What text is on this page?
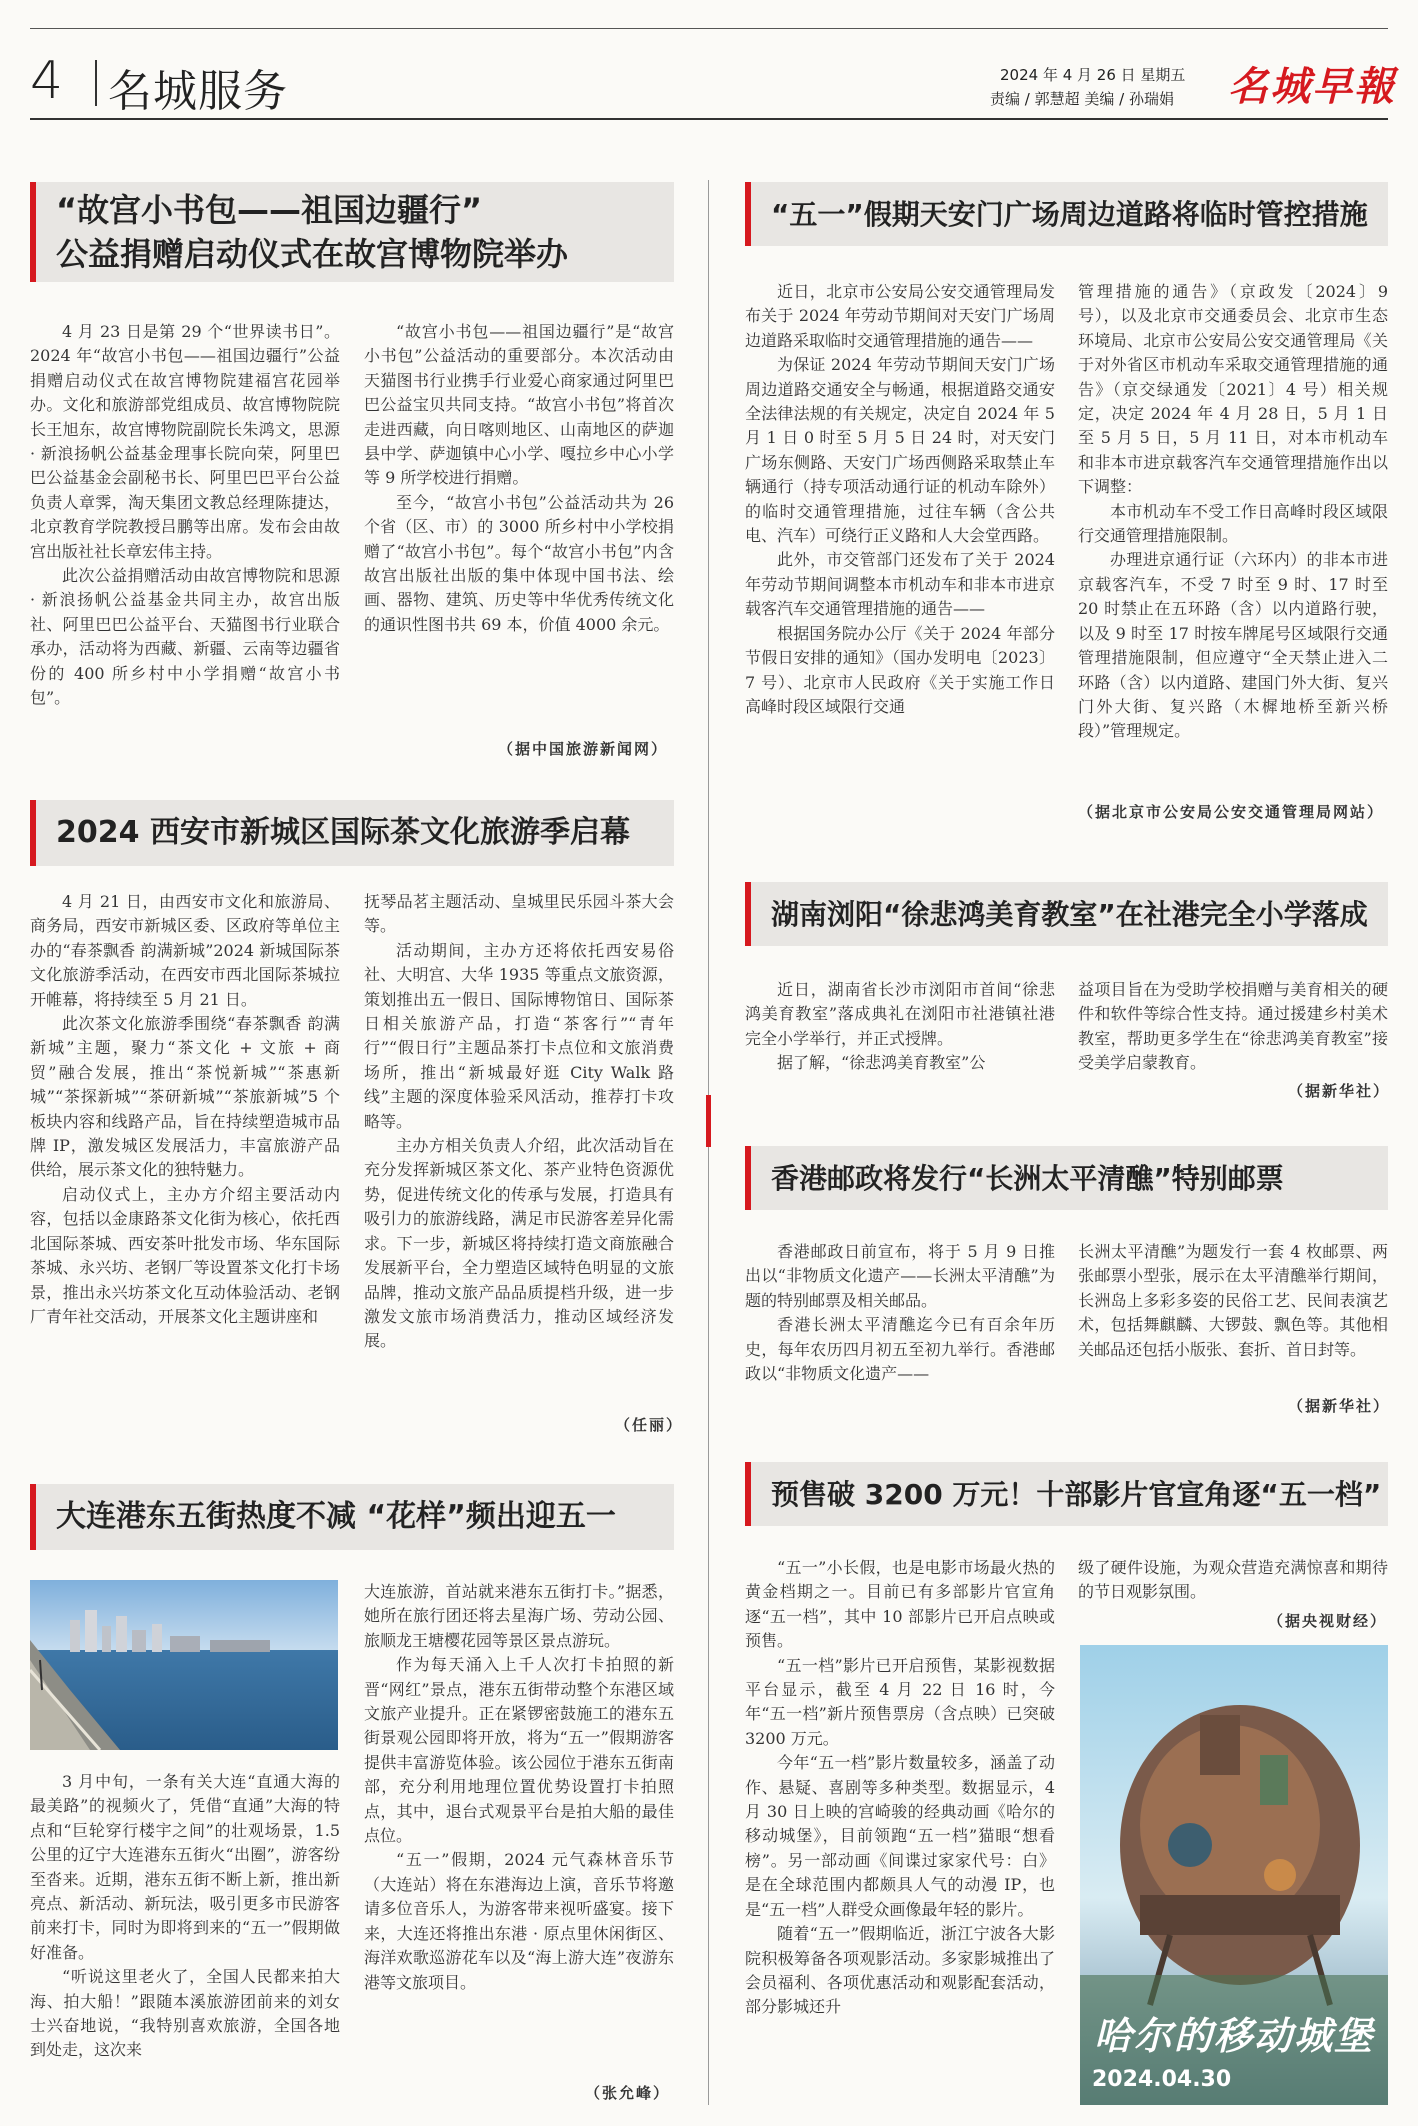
4 名城服务	2024 年 4 月 26 日 星期五
责编 / 郭慧超 美编 / 孙瑞娟 名城早報
“故宫小书包——祖国边疆行”
公益捐赠启动仪式在故宫博物院举办

4 月 23 日是第 29 个“世界读书日”。2024 年“故宫小书包——祖国边疆行”公益捐赠启动仪式在故宫博物院建福宫花园举办。文化和旅游部党组成员、故宫博物院院长王旭东，故宫博物院副院长朱鸿文，思源 · 新浪扬帆公益基金理事长院向荣，阿里巴巴公益基金会副秘书长、阿里巴巴平台公益负责人章霁，淘天集团文教总经理陈捷达，北京教育学院教授吕鹏等出席。发布会由故宫出版社社长章宏伟主持。

此次公益捐赠活动由故宫博物院和思源 · 新浪扬帆公益基金共同主办，故宫出版社、阿里巴巴公益平台、天猫图书行业联合承办，活动将为西藏、新疆、云南等边疆省份的 400 所乡村中小学捐赠“故宫小书包”。

“故宫小书包——祖国边疆行”是“故宫小书包”公益活动的重要部分。本次活动由天猫图书行业携手行业爱心商家通过阿里巴巴公益宝贝共同支持。“故宫小书包”将首次走进西藏，向日喀则地区、山南地区的萨迦县中学、萨迦镇中心小学、嘎拉乡中心小学等 9 所学校进行捐赠。

至今，“故宫小书包”公益活动共为 26 个省（区、市）的 3000 所乡村中小学校捐赠了“故宫小书包”。每个“故宫小书包”内含故宫出版社出版的集中体现中国书法、绘画、器物、建筑、历史等中华优秀传统文化的通识性图书共 69 本，价值 4000 余元。

（据中国旅游新闻网）
2024 西安市新城区国际茶文化旅游季启幕

4 月 21 日，由西安市文化和旅游局、商务局，西安市新城区委、区政府等单位主办的“春茶飘香 韵满新城”2024 新城国际茶文化旅游季活动，在西安市西北国际茶城拉开帷幕，将持续至 5 月 21 日。

此次茶文化旅游季围绕“春茶飘香 韵满新城”主题，聚力“茶文化 + 文旅 + 商贸”融合发展，推出“茶悦新城”“茶惠新城”“茶探新城”“茶研新城”“茶旅新城”5 个板块内容和线路产品，旨在持续塑造城市品牌 IP，激发城区发展活力，丰富旅游产品供给，展示茶文化的独特魅力。

启动仪式上，主办方介绍主要活动内容，包括以金康路茶文化街为核心，依托西北国际茶城、西安茶叶批发市场、华东国际茶城、永兴坊、老钢厂等设置茶文化打卡场景，推出永兴坊茶文化互动体验活动、老钢厂青年社交活动，开展茶文化主题讲座和

抚琴品茗主题活动、皇城里民乐园斗茶大会等。

活动期间，主办方还将依托西安易俗社、大明宫、大华 1935 等重点文旅资源，策划推出五一假日、国际博物馆日、国际茶日相关旅游产品，打造“茶客行”“青年行”“假日行”主题品茶打卡点位和文旅消费场所，推出“新城最好逛 City Walk 路线”主题的深度体验采风活动，推荐打卡攻略等。

主办方相关负责人介绍，此次活动旨在充分发挥新城区茶文化、茶产业特色资源优势，促进传统文化的传承与发展，打造具有吸引力的旅游线路，满足市民游客差异化需求。下一步，新城区将持续打造文商旅融合发展新平台，全力塑造区域特色明显的文旅品牌，推动文旅产品品质提档升级，进一步激发文旅市场消费活力，推动区域经济发展。

（任丽）
大连港东五街热度不减 “花样”频出迎五一

3 月中旬，一条有关大连“直通大海的最美路”的视频火了，凭借“直通”大海的特点和“巨轮穿行楼宇之间”的壮观场景，1.5 公里的辽宁大连港东五街火“出圈”，游客纷至沓来。近期，港东五街不断上新，推出新亮点、新活动、新玩法，吸引更多市民游客前来打卡，同时为即将到来的“五一”假期做好准备。

“听说这里老火了，全国人民都来拍大海、拍大船！”跟随本溪旅游团前来的刘女士兴奋地说，“我特别喜欢旅游，全国各地到处走，这次来

大连旅游，首站就来港东五街打卡。”据悉，她所在旅行团还将去星海广场、劳动公园、旅顺龙王塘樱花园等景区景点游玩。

作为每天涌入上千人次打卡拍照的新晋“网红”景点，港东五街带动整个东港区域文旅产业提升。正在紧锣密鼓施工的港东五街景观公园即将开放，将为“五一”假期游客提供丰富游览体验。该公园位于港东五街南部，充分利用地理位置优势设置打卡拍照点，其中，退台式观景平台是拍大船的最佳点位。

“五一”假期，2024 元气森林音乐节（大连站）将在东港海边上演，音乐节将邀请多位音乐人，为游客带来视听盛宴。接下来，大连还将推出东港 · 原点里休闲街区、海洋欢歌巡游花车以及“海上游大连”夜游东港等文旅项目。

（张允峰）
“五一”假期天安门广场周边道路将临时管控措施

近日，北京市公安局公安交通管理局发布关于 2024 年劳动节期间对天安门广场周边道路采取临时交通管理措施的通告——

为保证 2024 年劳动节期间天安门广场周边道路交通安全与畅通，根据道路交通安全法律法规的有关规定，决定自 2024 年 5 月 1 日 0 时至 5 月 5 日 24 时，对天安门广场东侧路、天安门广场西侧路采取禁止车辆通行（持专项活动通行证的机动车除外）的临时交通管理措施，过往车辆（含公共电、汽车）可绕行正义路和人大会堂西路。

此外，市交管部门还发布了关于 2024 年劳动节期间调整本市机动车和非本市进京载客汽车交通管理措施的通告——

根据国务院办公厅《关于 2024 年部分节假日安排的通知》（国办发明电〔2023〕7 号）、北京市人民政府《关于实施工作日高峰时段区域限行交通

管理措施的通告》（京政发〔2024〕9 号），以及北京市交通委员会、北京市生态环境局、北京市公安局公安交通管理局《关于对外省区市机动车采取交通管理措施的通告》（京交绿通发〔2021〕4 号）相关规定，决定 2024 年 4 月 28 日，5 月 1 日至 5 月 5 日，5 月 11 日，对本市机动车和非本市进京载客汽车交通管理措施作出以下调整：

本市机动车不受工作日高峰时段区域限行交通管理措施限制。

办理进京通行证（六环内）的非本市进京载客汽车，不受 7 时至 9 时、17 时至 20 时禁止在五环路（含）以内道路行驶，以及 9 时至 17 时按车牌尾号区域限行交通管理措施限制，但应遵守“全天禁止进入二环路（含）以内道路、建国门外大街、复兴门外大街、复兴路（木樨地桥至新兴桥段）”管理规定。

（据北京市公安局公安交通管理局网站）
湖南浏阳“徐悲鸿美育教室”在社港完全小学落成

近日，湖南省长沙市浏阳市首间“徐悲鸿美育教室”落成典礼在浏阳市社港镇社港完全小学举行，并正式授牌。

据了解，“徐悲鸿美育教室”公

益项目旨在为受助学校捐赠与美育相关的硬件和软件等综合性支持。通过援建乡村美术教室，帮助更多学生在“徐悲鸿美育教室”接受美学启蒙教育。

（据新华社）
香港邮政将发行“长洲太平清醮”特别邮票

香港邮政日前宣布，将于 5 月 9 日推出以“非物质文化遗产——长洲太平清醮”为题的特别邮票及相关邮品。

香港长洲太平清醮迄今已有百余年历史，每年农历四月初五至初九举行。香港邮政以“非物质文化遗产——

长洲太平清醮”为题发行一套 4 枚邮票、两张邮票小型张，展示在太平清醮举行期间，长洲岛上多彩多姿的民俗工艺、民间表演艺术，包括舞麒麟、大锣鼓、飘色等。其他相关邮品还包括小版张、套折、首日封等。

（据新华社）
预售破 3200 万元！十部影片官宣角逐“五一档”

“五一”小长假，也是电影市场最火热的黄金档期之一。目前已有多部影片官宣角逐“五一档”，其中 10 部影片已开启点映或预售。

“五一档”影片已开启预售，某影视数据平台显示，截至 4 月 22 日 16 时，今年“五一档”新片预售票房（含点映）已突破 3200 万元。

今年“五一档”影片数量较多，涵盖了动作、悬疑、喜剧等多种类型。数据显示，4 月 30 日上映的宫崎骏的经典动画《哈尔的移动城堡》，目前领跑“五一档”猫眼“想看榜”。另一部动画《间谍过家家代号：白》是在全球范围内都颇具人气的动漫 IP，也是“五一档”人群受众画像最年轻的影片。

随着“五一”假期临近，浙江宁波各大影院积极筹备各项观影活动。多家影城推出了会员福利、各项优惠活动和观影配套活动，部分影城还升

级了硬件设施，为观众营造充满惊喜和期待的节日观影氛围。

（据央视财经）
哈尔的移动城堡
2024.04.30
